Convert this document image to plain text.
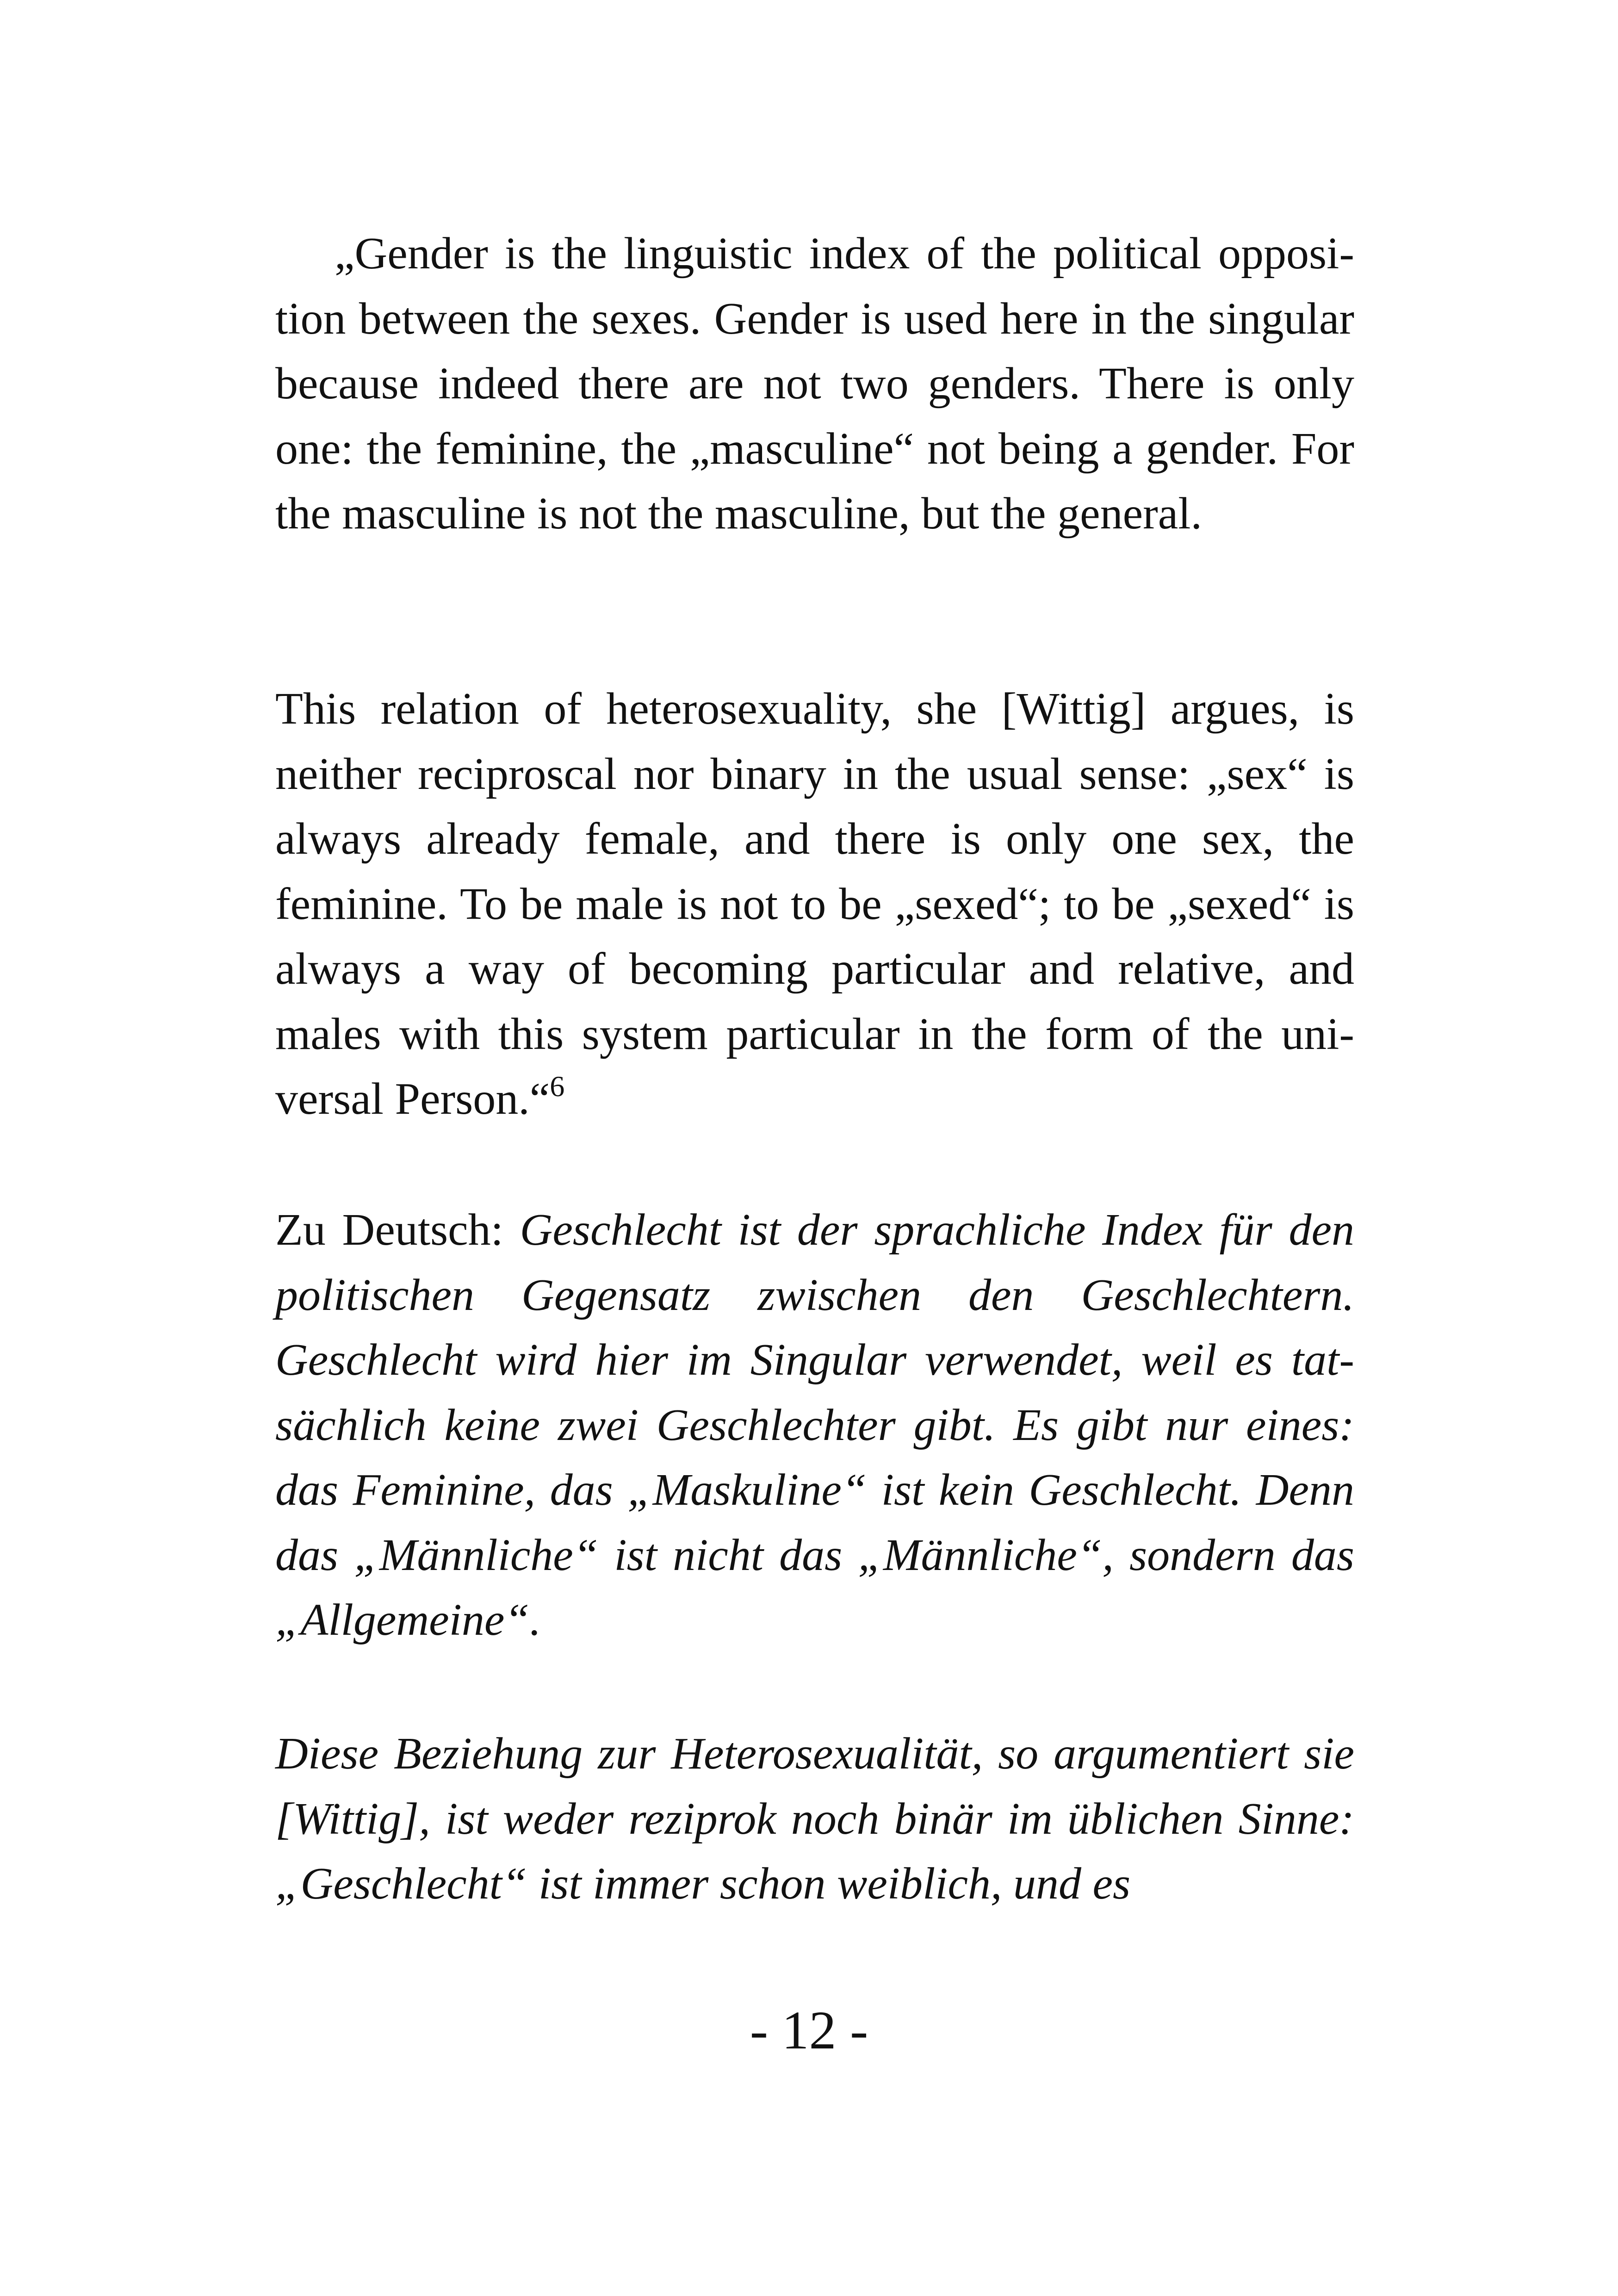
„Gender is the linguistic index of the political opposition between the sexes. Gender is used here in the singular because indeed there are not two genders. There is only one: the feminine, the „masculine“ not being a gender. For the masculine is not the masculine, but the general.

This relation of heterosexuality, she [Wittig] argues, is neither reciproscal nor binary in the usual sense: „sex“ is always already female, and there is only one sex, the feminine. To be male is not to be „sexed“; to be „sexed“ is always a way of becoming particular and relative, and males with this system particular in the form of the universal Person.“$^6$

Zu Deutsch: Geschlecht ist der sprachliche Index für den politischen Gegensatz zwischen den Geschlechtern. Geschlecht wird hier im Singular verwendet, weil es tatsächlich keine zwei Geschlechter gibt. Es gibt nur eines: das Feminine, das „Maskuline“ ist kein Geschlecht. Denn das „Männliche“ ist nicht das „Männliche“, sondern das „Allgemeine“.

Diese Beziehung zur Heterosexualität, so argumentiert sie [Wittig], ist weder reziprok noch binär im üblichen Sinne: „Geschlecht“ ist immer schon weiblich, und es

- 12 -
